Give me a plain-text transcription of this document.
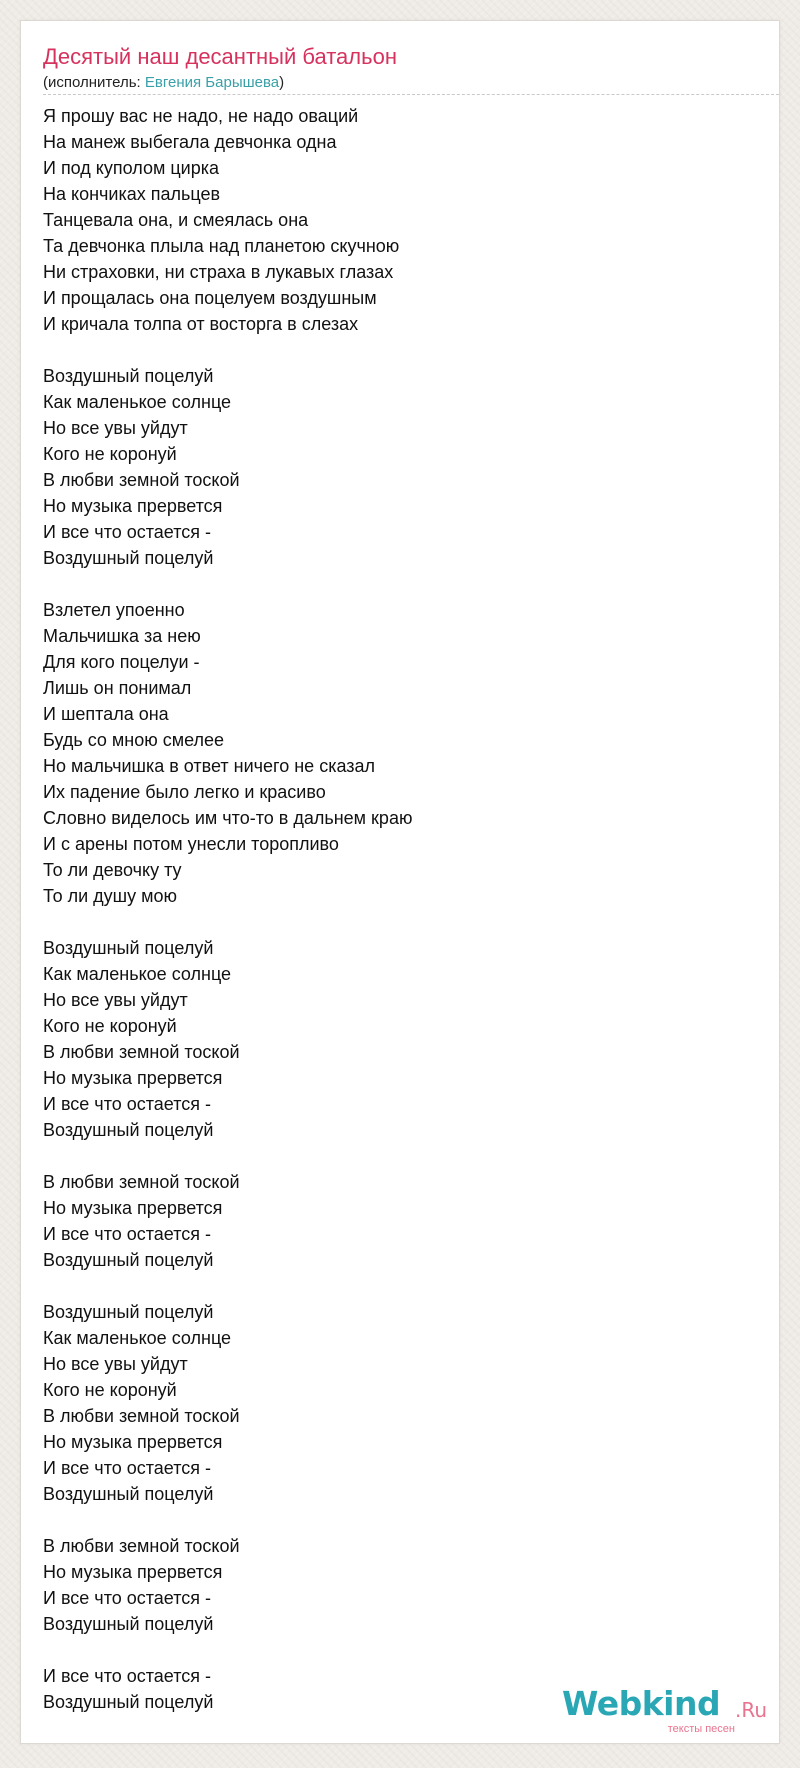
Десятый наш десантный батальон
(исполнитель: Евгения Барышева)
Я прошу вас не надо, не надо оваций
На манеж выбегала девчонка одна
И под куполом цирка
На кончиках пальцев
Танцевала она, и смеялась она
Та девчонка плыла над планетою скучною
Ни страховки, ни страха в лукавых глазах
И прощалась она поцелуем воздушным
И кричала толпа от восторга в слезах
Воздушный поцелуй
Как маленькое солнце
Но все увы уйдут
Кого не коронуй
В любви земной тоской
Но музыка прервется
И все что остается -
Воздушный поцелуй
Взлетел упоенно
Мальчишка за нею
Для кого поцелуи -
Лишь он понимал
И шептала она
Будь со мною смелее
Но мальчишка в ответ ничего не сказал
Их падение было легко и красиво
Словно виделось им что-то в дальнем краю
И с арены потом унесли торопливо
То ли девочку ту
То ли душу мою
Воздушный поцелуй
Как маленькое солнце
Но все увы уйдут
Кого не коронуй
В любви земной тоской
Но музыка прервется
И все что остается -
Воздушный поцелуй
В любви земной тоской
Но музыка прервется
И все что остается -
Воздушный поцелуй
Воздушный поцелуй
Как маленькое солнце
Но все увы уйдут
Кого не коронуй
В любви земной тоской
Но музыка прервется
И все что остается -
Воздушный поцелуй
В любви земной тоской
Но музыка прервется
И все что остается -
Воздушный поцелуй
И все что остается -
Воздушный поцелуй	Webkind .Ru
тексты песен
